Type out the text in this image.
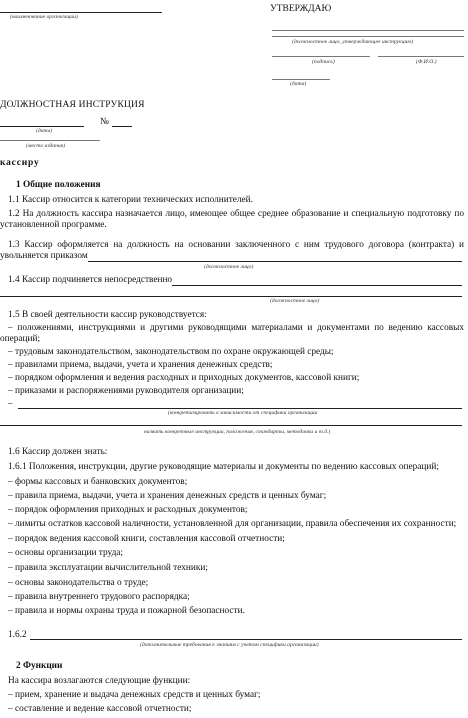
(наименование организации)
УТВЕРЖДАЮ
(должностное лицо, утверждающее инструкцию)
(подпись)	(Ф.И.О.)
(дата)
ДОЛЖНОСТНАЯ ИНСТРУКЦИЯ
№
(дата)
(место издания)
кассиру
1 Общие положения
1.1 Кассир относится к категории технических исполнителей.
1.2 На должность кассира назначается лицо, имеющее общее среднее образование и специальную подготовку по
установленной программе.
1.3 Кассир оформляется на должность на основании заключенного с ним трудового договора (контракта) и
увольняется приказом
(должностное лицо)
1.4 Кассир подчиняется непосредственно
(должностное лицо)
1.5 В своей деятельности кассир руководствуется:
– положениями, инструкциями и другими руководящими материалами и документами по ведению кассовых
операций;
– трудовым законодательством, законодательством по охране окружающей среды;
– правилами приема, выдачи, учета и хранения денежных средств;
– порядком оформления и ведения расходных и приходных документов, кассовой книги;
– приказами и распоряжениями руководителя организации;
–
(конкретизировать в зависимости от специфики организации
назвать конкретные инструкции, положения, стандарты, методички и т.д.)
1.6 Кассир должен знать:
1.6.1 Положения, инструкции, другие руководящие материалы и документы по ведению кассовых операций;
– формы кассовых и банковских документов;
– правила приема, выдачи, учета и хранения денежных средств и ценных бумаг;
– порядок оформления приходных и расходных документов;
– лимиты остатков кассовой наличности, установленной для организации, правила обеспечения их сохранности;
– порядок ведения кассовой книги, составления кассовой отчетности;
– основы организации труда;
– правила эксплуатации вычислительной техники;
– основы законодательства о труде;
– правила внутреннего трудового распорядка;
– правила и нормы охраны труда и пожарной безопасности.
1.6.2
(дополнительные требования к знаниям с учетом специфики организации)
2 Функции
На кассира возлагаются следующие функции:
– прием, хранение и выдача денежных средств и ценных бумаг;
– составление и ведение кассовой отчетности;
